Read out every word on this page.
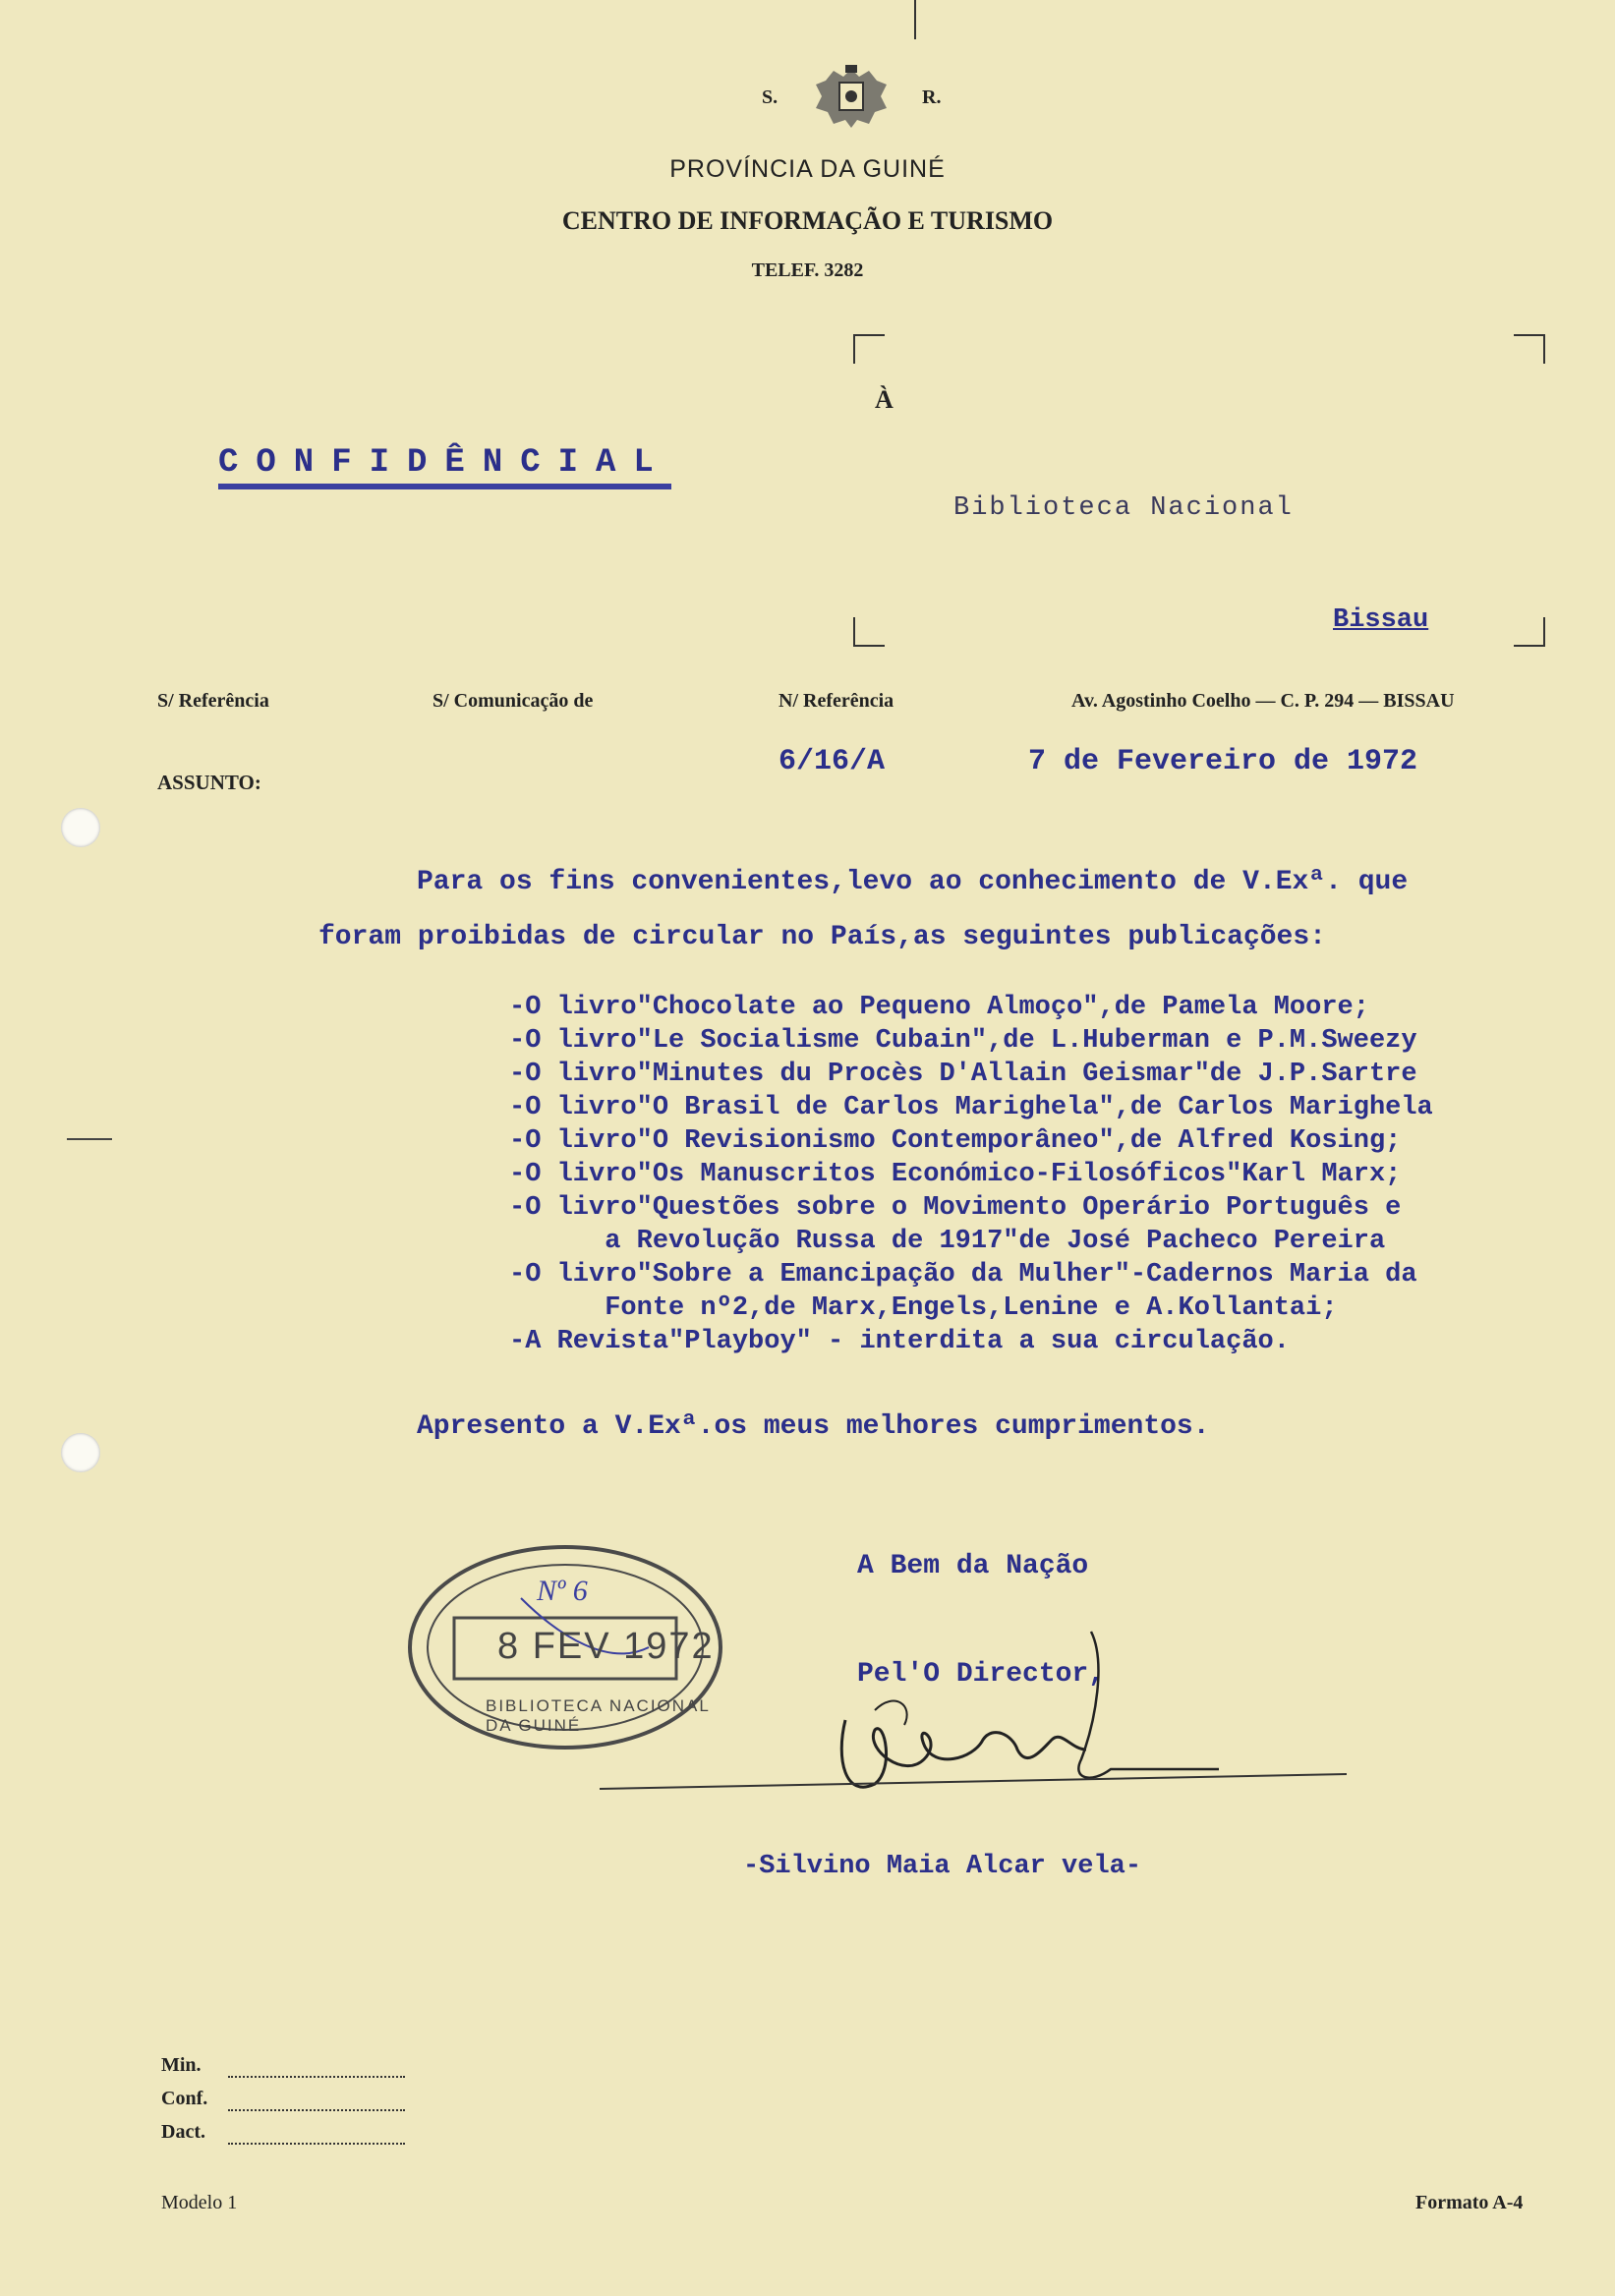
S.	R.
PROVÍNCIA DA GUINÉ
CENTRO DE INFORMAÇÃO E TURISMO
TELEF. 3282
À
CONFIDÊNCIAL
Biblioteca Nacional
Bissau
S/ Referência	S/ Comunicação de	N/ Referência	Av. Agostinho Coelho — C. P. 294 — BISSAU
ASSUNTO:
6/16/A	7 de Fevereiro de 1972
Para os fins convenientes,levo ao conhecimento de V.Exª. que
foram proibidas de circular no País,as seguintes publicações:
-O livro"Chocolate ao Pequeno Almoço",de Pamela Moore;
-O livro"Le Socialisme Cubain",de L.Huberman e P.M.Sweezy
-O livro"Minutes du Procès D'Allain Geismar"de J.P.Sartre
-O livro"O Brasil de Carlos Marighela",de Carlos Marighela
-O livro"O Revisionismo Contemporâneo",de Alfred Kosing;
-O livro"Os Manuscritos Económico-Filosóficos"Karl Marx;
-O livro"Questões sobre o Movimento Operário Português e
a Revolução Russa de 1917"de José Pacheco Pereira
-O livro"Sobre a Emancipação da Mulher"-Cadernos Maria da
Fonte nº2,de Marx,Engels,Lenine e A.Kollantai;
-A Revista"Playboy" - interdita a sua circulação.
Apresento a V.Exª.os meus melhores cumprimentos.
8 FEV 1972
Nº 6
BIBLIOTECA NACIONAL DA GUINÉ
A Bem da Nação
Pel'O Director,
-Silvino Maia Alcar vela-
Min.
Conf.
Dact.
Modelo 1	Formato A-4
